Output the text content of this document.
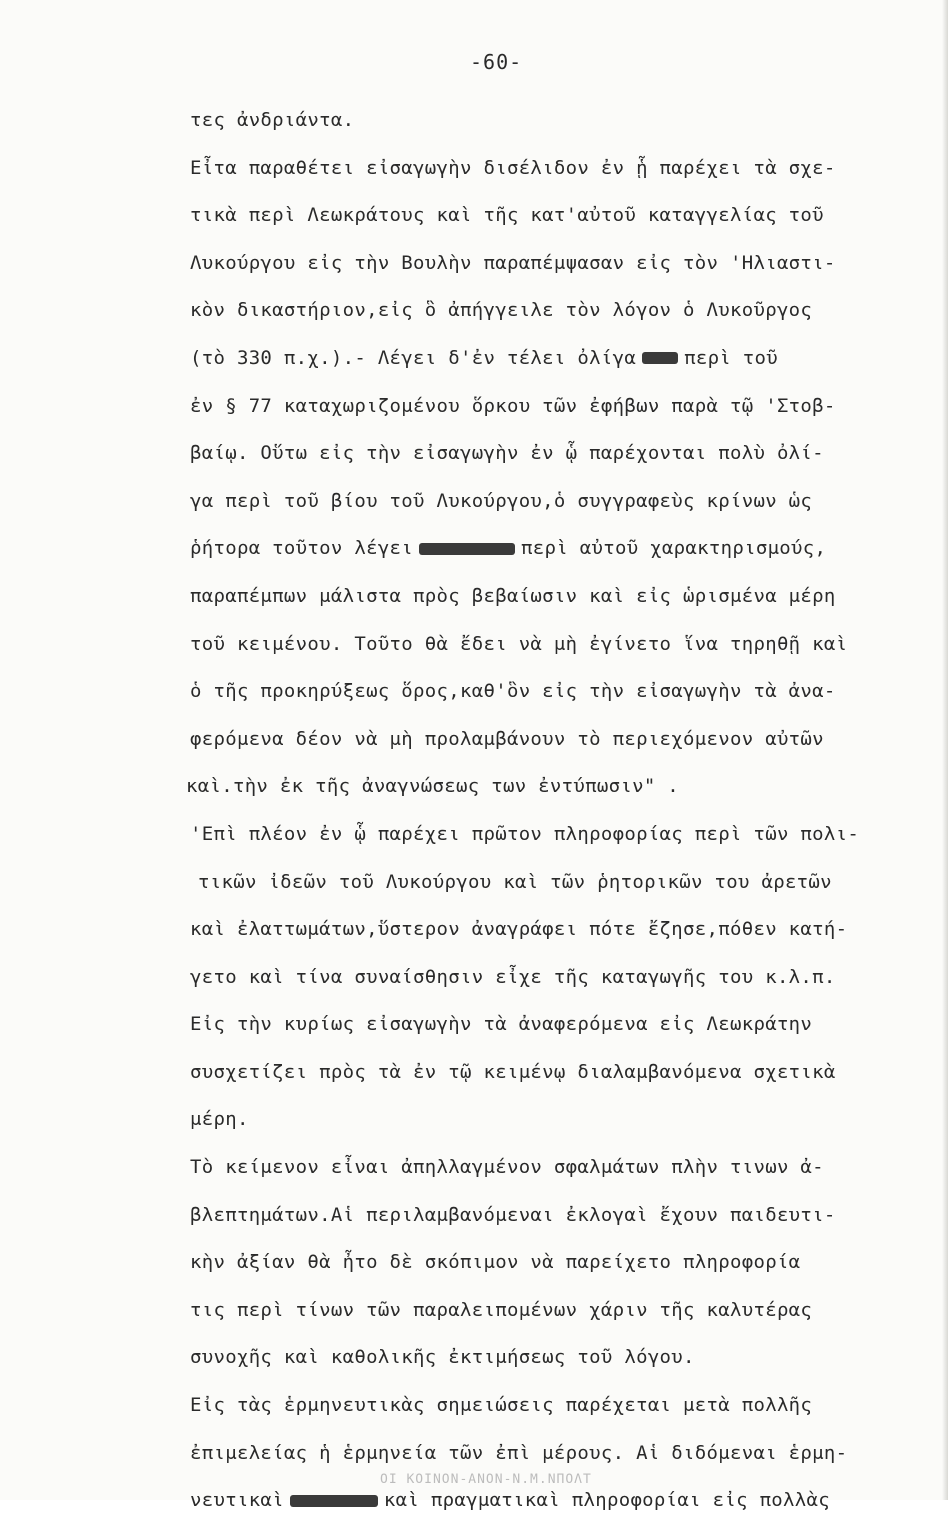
-60-
τες ἀνδριάντα.
Εἶτα παραθέτει εἰσαγωγὴν δισέλιδον ἐν ᾗ παρέχει τὰ σχε-
τικὰ περὶ Λεωκράτους καὶ τῆς κατ'αὐτοῦ καταγγελίας τοῦ
Λυκούργου εἰς τὴν Βουλὴν παραπέμψασαν εἰς τὸν 'Ηλιαστι-
κὸν δικαστήριον,εἰς ὃ ἀπήγγειλε τὸν λόγον ὁ Λυκοῦργος
(τὸ 330 π.χ.).- Λέγει δ'ἐν τέλει ὀλίγα	περὶ τοῦ
ἐν § 77 καταχωριζομένου ὅρκου τῶν ἐφήβων παρὰ τῷ 'Στοβ-
βαίῳ. Οὕτω εἰς τὴν εἰσαγωγὴν ἐν ᾧ παρέχονται πολὺ ὀλί-
γα περὶ τοῦ βίου τοῦ Λυκούργου,ὁ συγγραφεὺς κρίνων ὡς
ῥήτορα τοῦτον λέγει	περὶ αὐτοῦ χαρακτηρισμούς,
παραπέμπων μάλιστα πρὸς βεβαίωσιν καὶ εἰς ὡρισμένα μέρη
τοῦ κειμένου. Τοῦτο θὰ ἔδει νὰ μὴ ἐγίνετο ἵνα τηρηθῇ καὶ
ὁ τῆς προκηρύξεως ὅρος,καθ'ὃν εἰς τὴν εἰσαγωγὴν τὰ ἀνα-
φερόμενα δέον νὰ μὴ προλαμβάνουν τὸ περιεχόμενον αὐτῶν
καὶ.τὴν ἐκ τῆς ἀναγνώσεως των ἐντύπωσιν" .
'Επὶ πλέον ἐν ᾧ παρέχει πρῶτον πληροφορίας περὶ τῶν πολι-
τικῶν ἰδεῶν τοῦ Λυκούργου καὶ τῶν ῥητορικῶν του ἀρετῶν
καὶ ἐλαττωμάτων,ὕστερον ἀναγράφει πότε ἔζησε,πόθεν κατή-
γετο καὶ τίνα συναίσθησιν εἶχε τῆς καταγωγῆς του κ.λ.π.
Εἰς τὴν κυρίως εἰσαγωγὴν τὰ ἀναφερόμενα εἰς Λεωκράτην
συσχετίζει πρὸς τὰ ἐν τῷ κειμένῳ διαλαμβανόμενα σχετικὰ
μέρη.
Τὸ κείμενον εἶναι ἀπηλλαγμένον σφαλμάτων πλὴν τινων ἀ-
βλεπτημάτων.Αἱ περιλαμβανόμεναι ἐκλογαὶ ἔχουν παιδευτι-
κὴν ἀξίαν θὰ ἦτο δὲ σκόπιμον νὰ παρείχετο πληροφορία
τις περὶ τίνων τῶν παραλειπομένων χάριν τῆς καλυτέρας
συνοχῆς καὶ καθολικῆς ἐκτιμήσεως τοῦ λόγου.
Εἰς τὰς ἑρμηνευτικὰς σημειώσεις παρέχεται μετὰ πολλῆς
ἐπιμελείας ἡ ἑρμηνεία τῶν ἐπὶ μέρους. Αἱ διδόμεναι ἑρμη-
νευτικαὶ	καὶ πραγματικαὶ πληροφορίαι εἰς πολλὰς
ΟΙ ΚΟΙΝΟΝ-ΑΝΟΝ-Ν.Μ.ΝΠΟΛΤ
